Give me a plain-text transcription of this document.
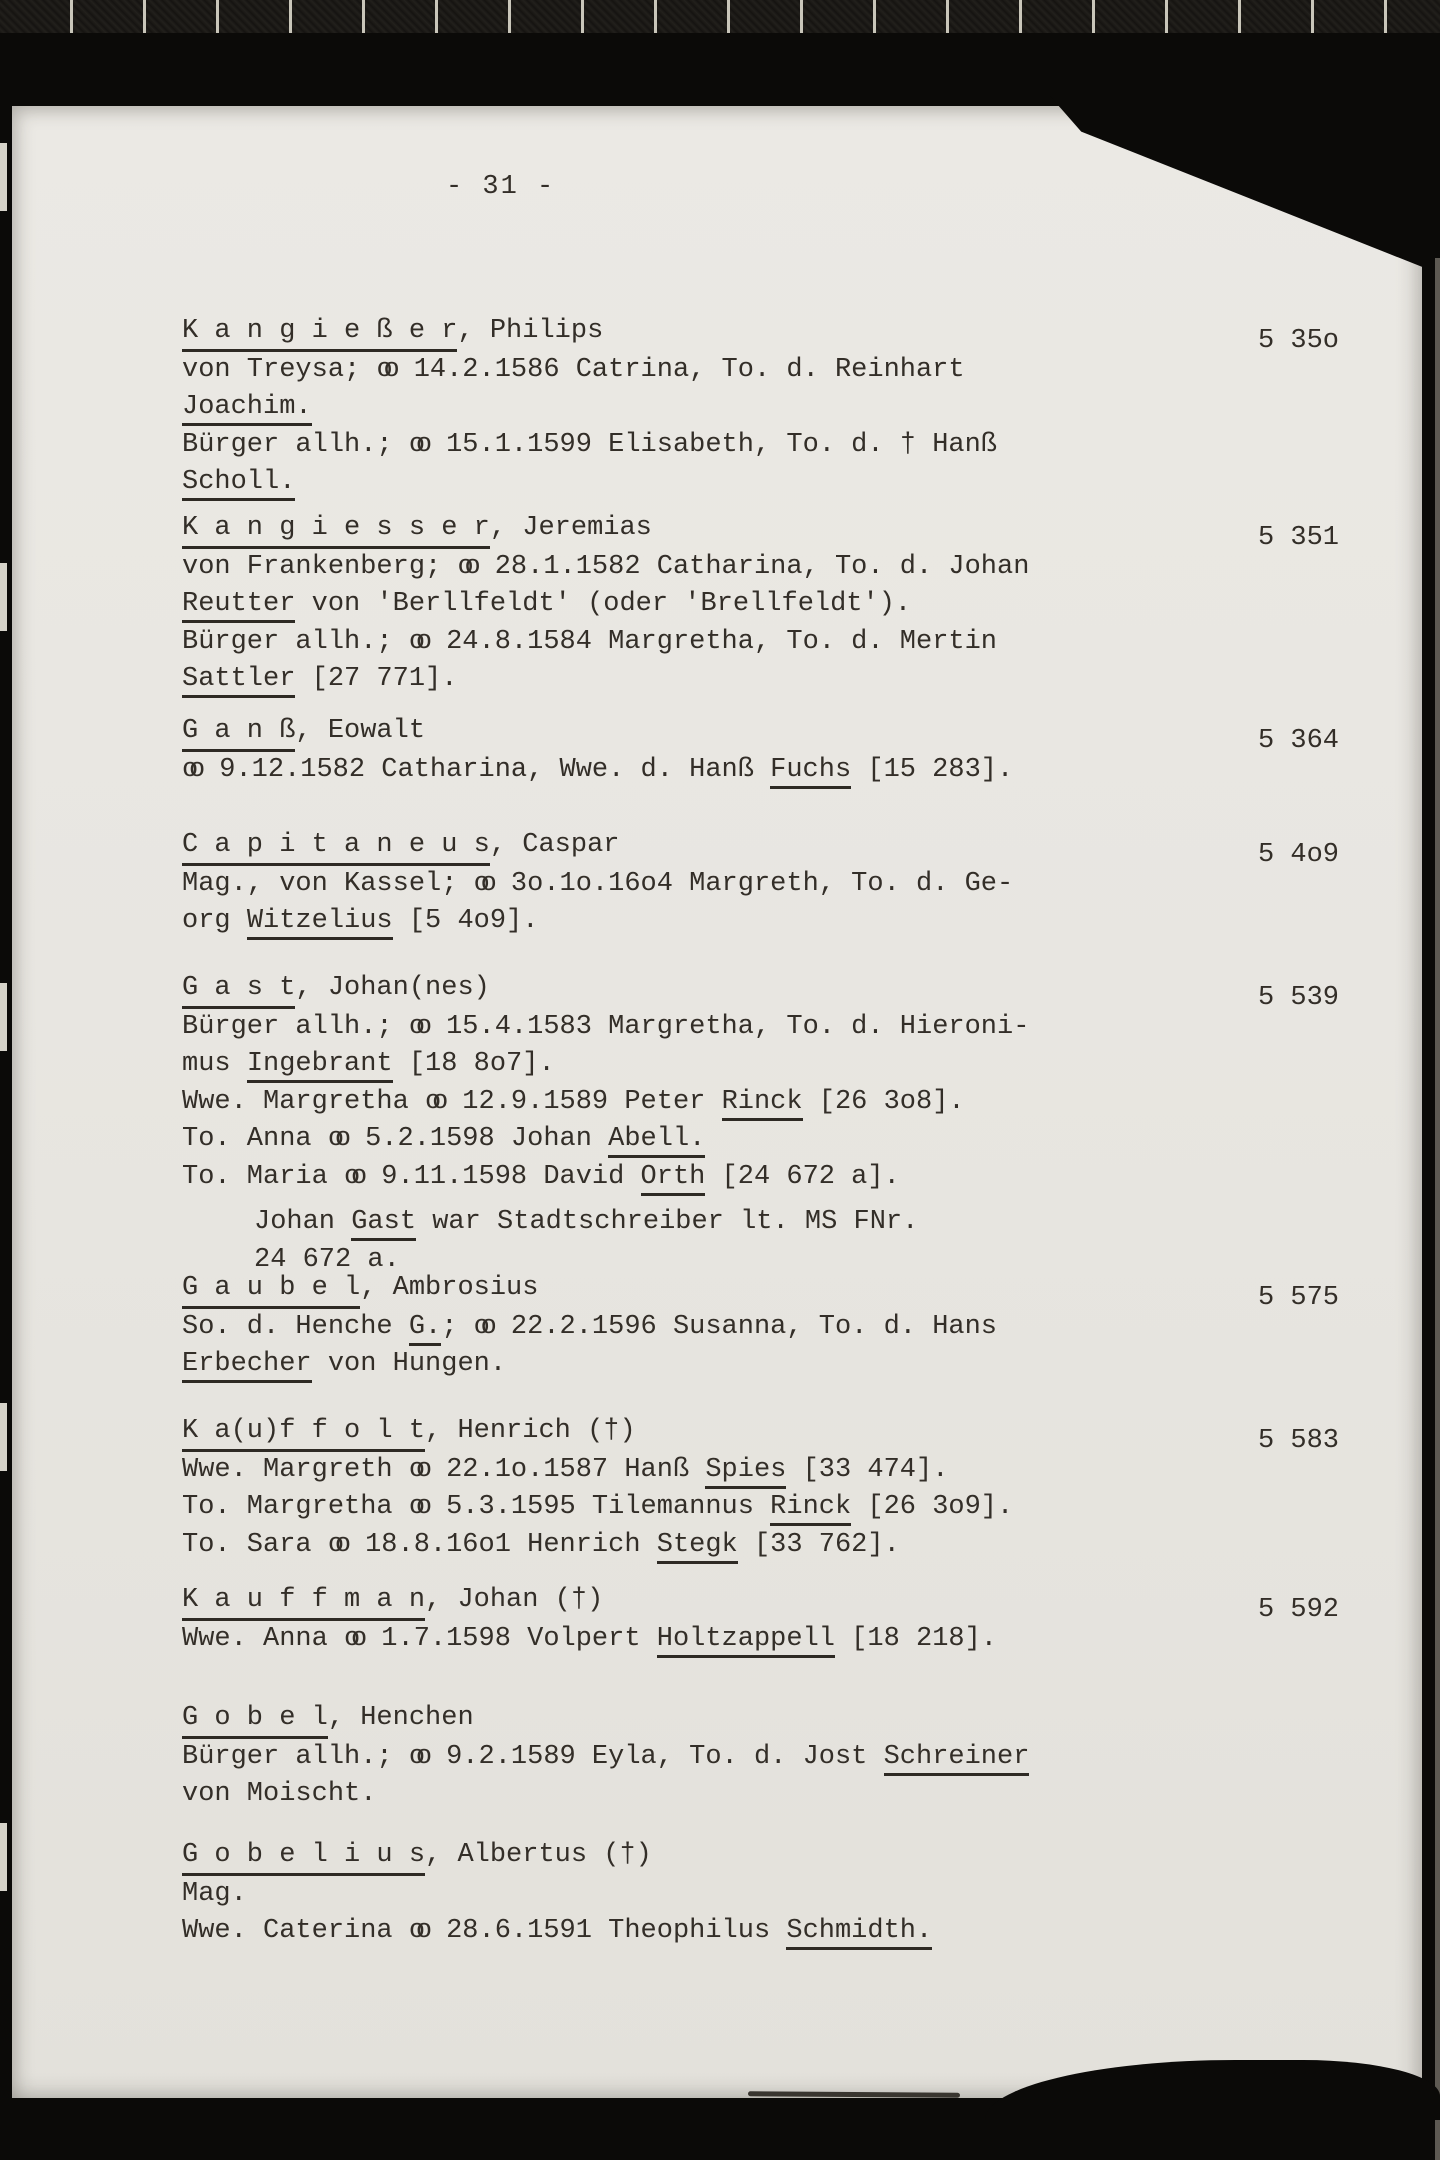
- 31 -
K a n g i e ß e r, Philips	5 35o
von Treysa; oo 14.2.1586 Catrina, To. d. Reinhart
Joachim.
Bürger allh.; oo 15.1.1599 Elisabeth, To. d. † Hanß
Scholl.
K a n g i e s s e r, Jeremias	5 351
von Frankenberg; oo 28.1.1582 Catharina, To. d. Johan
Reutter von 'Berllfeldt' (oder 'Brellfeldt').
Bürger allh.; oo 24.8.1584 Margretha, To. d. Mertin
Sattler [27 771].
G a n ß, Eowalt	5 364
oo 9.12.1582 Catharina, Wwe. d. Hanß Fuchs [15 283].
C a p i t a n e u s, Caspar	5 4o9
Mag., von Kassel; oo 3o.1o.16o4 Margreth, To. d. Ge-
org Witzelius [5 4o9].
G a s t, Johan(nes)	5 539
Bürger allh.; oo 15.4.1583 Margretha, To. d. Hieroni-
mus Ingebrant [18 8o7].
Wwe. Margretha oo 12.9.1589 Peter Rinck [26 3o8].
To. Anna oo 5.2.1598 Johan Abell.
To. Maria oo 9.11.1598 David Orth [24 672 a].
Johan Gast war Stadtschreiber lt. MS FNr.
24 672 a.
G a u b e l, Ambrosius	5 575
So. d. Henche G.; oo 22.2.1596 Susanna, To. d. Hans
Erbecher von Hungen.
K a(u)f f o l t, Henrich (†)	5 583
Wwe. Margreth oo 22.1o.1587 Hanß Spies [33 474].
To. Margretha oo 5.3.1595 Tilemannus Rinck [26 3o9].
To. Sara oo 18.8.16o1 Henrich Stegk [33 762].
K a u f f m a n, Johan (†)	5 592
Wwe. Anna oo 1.7.1598 Volpert Holtzappell [18 218].
G o b e l, Henchen
Bürger allh.; oo 9.2.1589 Eyla, To. d. Jost Schreiner
von Moischt.
G o b e l i u s, Albertus (†)
Mag.
Wwe. Caterina oo 28.6.1591 Theophilus Schmidth.
